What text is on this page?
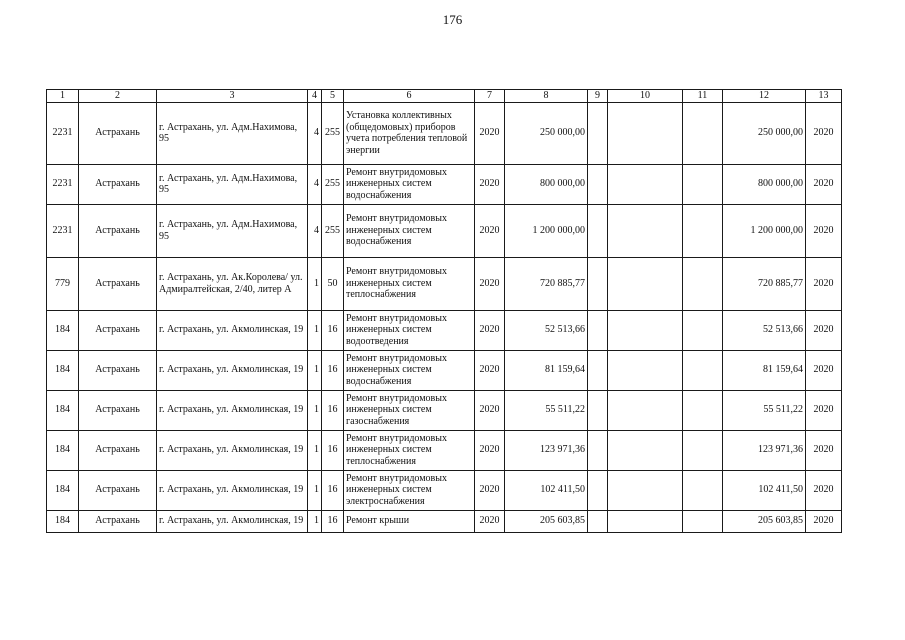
176
1	2	3	4	5	6	7	8	9	10	11	12	13
2231	Астрахань	г. Астрахань, ул. Адм.Нахимова, 95	4	255	Установка коллективных (общедомовых) приборов учета потребления тепловой энергии	2020	250 000,00				250 000,00	2020
2231	Астрахань	г. Астрахань, ул. Адм.Нахимова, 95	4	255	Ремонт внутридомовых инженерных систем водоснабжения	2020	800 000,00				800 000,00	2020
2231	Астрахань	г. Астрахань, ул. Адм.Нахимова, 95	4	255	Ремонт внутридомовых инженерных систем водоснабжения	2020	1 200 000,00				1 200 000,00	2020
779	Астрахань	г. Астрахань, ул. Ак.Королева/ ул. Адмиралтейская, 2/40, литер А	1	50	Ремонт внутридомовых инженерных систем теплоснабжения	2020	720 885,77				720 885,77	2020
184	Астрахань	г. Астрахань, ул. Акмолинская, 19	1	16	Ремонт внутридомовых инженерных систем водоотведения	2020	52 513,66				52 513,66	2020
184	Астрахань	г. Астрахань, ул. Акмолинская, 19	1	16	Ремонт внутридомовых инженерных систем водоснабжения	2020	81 159,64				81 159,64	2020
184	Астрахань	г. Астрахань, ул. Акмолинская, 19	1	16	Ремонт внутридомовых инженерных систем газоснабжения	2020	55 511,22				55 511,22	2020
184	Астрахань	г. Астрахань, ул. Акмолинская, 19	1	16	Ремонт внутридомовых инженерных систем теплоснабжения	2020	123 971,36				123 971,36	2020
184	Астрахань	г. Астрахань, ул. Акмолинская, 19	1	16	Ремонт внутридомовых инженерных систем электроснабжения	2020	102 411,50				102 411,50	2020
184	Астрахань	г. Астрахань, ул. Акмолинская, 19	1	16	Ремонт крыши	2020	205 603,85				205 603,85	2020
